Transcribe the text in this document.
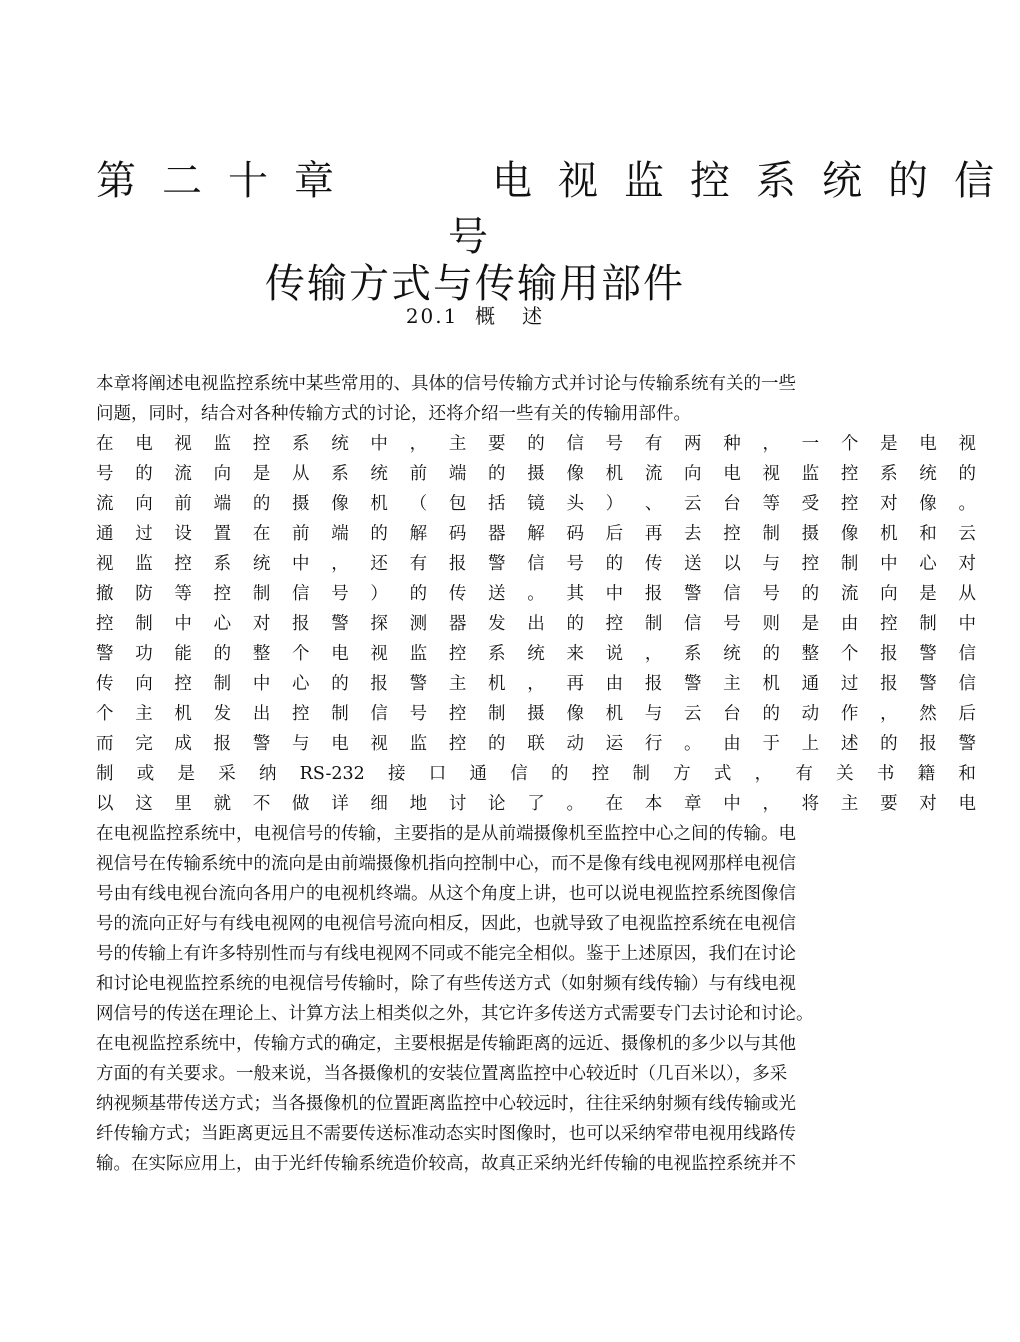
第二十章　　电视监控系统的信
号
传输方式与传输用部件
20.1  概   述
本章将阐述电视监控系统中某些常用的、具体的信号传输方式并讨论与传输系统有关的一些
问题，同时，结合对各种传输方式的讨论，还将介绍一些有关的传输用部件。
在 电 视 监 控 系 统 中 ， 主 要 的 信 号 有 两 种 ， 一 个 是 电 视
号 的 流 向 是 从 系 统 前 端 的 摄 像 机 流 向 电 视 监 控 系 统 的
流 向 前 端 的 摄 像 机 （ 包 括 镜 头 ） 、 云 台 等 受 控 对 像 。
通 过 设 置 在 前 端 的 解 码 器 解 码 后 再 去 控 制 摄 像 机 和 云
视 监 控 系 统 中 ， 还 有 报 警 信 号 的 传 送 以 与 控 制 中 心 对
撤 防 等 控 制 信 号 ） 的 传 送 。 其 中 报 警 信 号 的 流 向 是 从
控 制 中 心 对 报 警 探 测 器 发 出 的 控 制 信 号 则 是 由 控 制 中
警 功 能 的 整 个 电 视 监 控 系 统 来 说 ， 系 统 的 整 个 报 警 信
传 向 控 制 中 心 的 报 警 主 机 ， 再 由 报 警 主 机 通 过 报 警 信
个 主 机 发 出 控 制 信 号 控 制 摄 像 机 与 云 台 的 动 作 ， 然 后
而 完 成 报 警 与 电 视 监 控 的 联 动 运 行 。 由 于 上 述 的 报 警
制 或 是 采 纳 RS-232 接 口 通 信 的 控 制 方 式 ， 有 关 书 籍 和
以 这 里 就 不 做 详 细 地 讨 论 了 。 在 本 章 中 ， 将 主 要 对 电
在电视监控系统中，电视信号的传输，主要指的是从前端摄像机至监控中心之间的传输。电
视信号在传输系统中的流向是由前端摄像机指向控制中心，而不是像有线电视网那样电视信
号由有线电视台流向各用户的电视机终端。从这个角度上讲，也可以说电视监控系统图像信
号的流向正好与有线电视网的电视信号流向相反，因此，也就导致了电视监控系统在电视信
号的传输上有许多特别性而与有线电视网不同或不能完全相似。鉴于上述原因，我们在讨论
和讨论电视监控系统的电视信号传输时，除了有些传送方式（如射频有线传输）与有线电视
网信号的传送在理论上、计算方法上相类似之外，其它许多传送方式需要专门去讨论和讨论。
在电视监控系统中，传输方式的确定，主要根据是传输距离的远近、摄像机的多少以与其他
方面的有关要求。一般来说，当各摄像机的安装位置离监控中心较近时（几百米以），多采
纳视频基带传送方式；当各摄像机的位置距离监控中心较远时，往往采纳射频有线传输或光
纤传输方式；当距离更远且不需要传送标准动态实时图像时，也可以采纳窄带电视用线路传
输。在实际应用上，由于光纤传输系统造价较高，故真正采纳光纤传输的电视监控系统并不
